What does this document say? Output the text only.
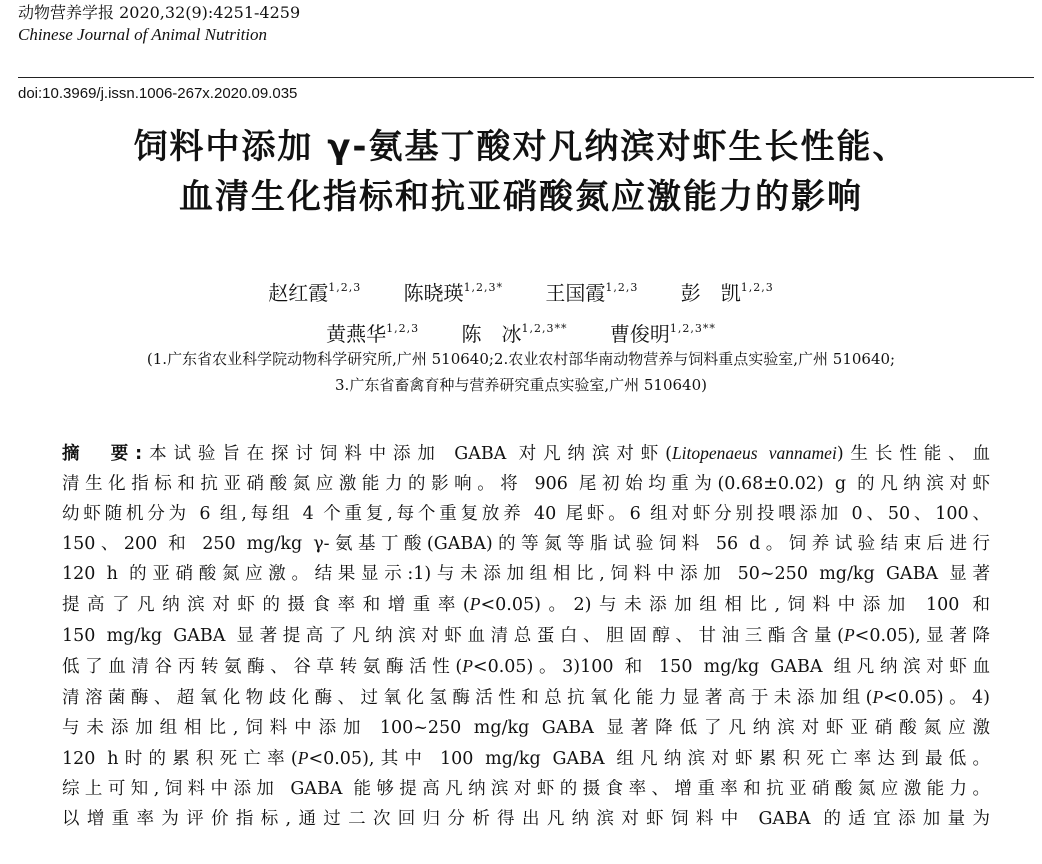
动物营养学报 2020,32(9):4251-4259
Chinese Journal of Animal Nutrition
doi:10.3969/j.issn.1006-267x.2020.09.035
饲料中添加 γ-氨基丁酸对凡纳滨对虾生长性能、
血清生化指标和抗亚硝酸氮应激能力的影响
赵红霞$^{1,2,3}$ 陈晓瑛$^{1,2,3*}$ 王国霞$^{1,2,3}$ 彭　凯$^{1,2,3}$
黄燕华$^{1,2,3}$ 陈　冰$^{1,2,3**}$ 曹俊明$^{1,2,3**}$
(1.广东省农业科学院动物科学研究所,广州 510640;2.农业农村部华南动物营养与饲料重点实验室,广州 510640;
3.广东省畜禽育种与营养研究重点实验室,广州 510640)
摘　要:本试验旨在探讨饲料中添加 GABA 对凡纳滨对虾(Litopenaeus vannamei)生长性能、血
清生化指标和抗亚硝酸氮应激能力的影响。将 906 尾初始均重为(0.68±0.02) g 的凡纳滨对虾
幼虾随机分为 6 组,每组 4 个重复,每个重复放养 40 尾虾。6 组对虾分别投喂添加 0、50、100、
150、200 和 250 mg/kg γ-氨基丁酸(GABA)的等氮等脂试验饲料 56 d。饲养试验结束后进行
120 h 的亚硝酸氮应激。结果显示:1)与未添加组相比,饲料中添加 50~250 mg/kg GABA 显著
提高了凡纳滨对虾的摄食率和增重率(P<0.05)。2)与未添加组相比,饲料中添加 100 和
150 mg/kg GABA 显著提高了凡纳滨对虾血清总蛋白、胆固醇、甘油三酯含量(P<0.05),显著降
低了血清谷丙转氨酶、谷草转氨酶活性(P<0.05)。3)100 和 150 mg/kg GABA 组凡纳滨对虾血
清溶菌酶、超氧化物歧化酶、过氧化氢酶活性和总抗氧化能力显著高于未添加组(P<0.05)。4)
与未添加组相比,饲料中添加 100~250 mg/kg GABA 显著降低了凡纳滨对虾亚硝酸氮应激
120 h时的累积死亡率(P<0.05),其中 100 mg/kg GABA 组凡纳滨对虾累积死亡率达到最低。
综上可知,饲料中添加 GABA 能够提高凡纳滨对虾的摄食率、增重率和抗亚硝酸氮应激能力。
以增重率为评价指标,通过二次回归分析得出凡纳滨对虾饲料中 GABA 的适宜添加量为
